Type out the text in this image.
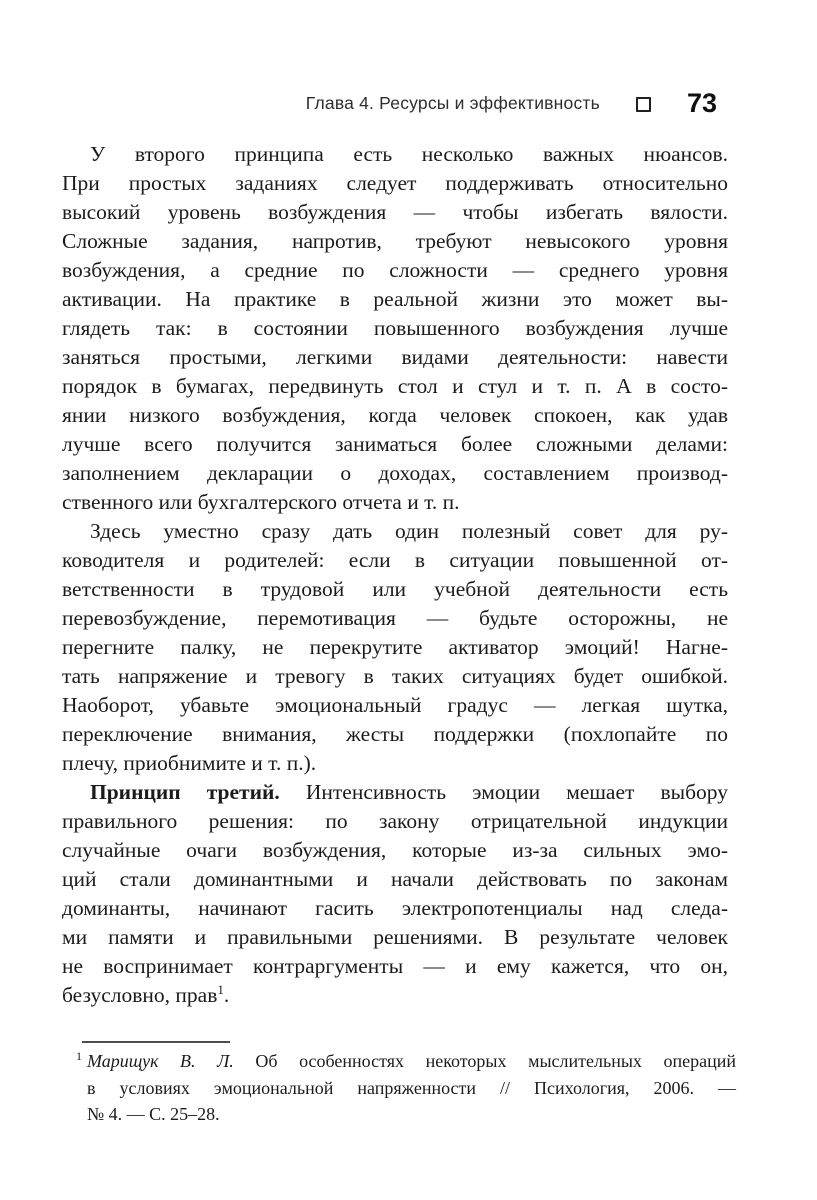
Глава 4. Ресурсы и эффективность	73
У второго принципа есть несколько важных нюансов.
При простых заданиях следует поддерживать относительно
высокий уровень возбуждения — чтобы избегать вялости.
Сложные задания, напротив, требуют невысокого уровня
возбуждения, а средние по сложности — среднего уровня
активации. На практике в реальной жизни это может вы-
глядеть так: в состоянии повышенного возбуждения лучше
заняться простыми, легкими видами деятельности: навести
порядок в бумагах, передвинуть стол и стул и т. п. А в состо-
янии низкого возбуждения, когда человек спокоен, как удав
лучше всего получится заниматься более сложными делами:
заполнением декларации о доходах, составлением производ-
ственного или бухгалтерского отчета и т. п.
Здесь уместно сразу дать один полезный совет для ру-
ководителя и родителей: если в ситуации повышенной от-
ветственности в трудовой или учебной деятельности есть
перевозбуждение, перемотивация — будьте осторожны, не
перегните палку, не перекрутите активатор эмоций! Нагне-
тать напряжение и тревогу в таких ситуациях будет ошибкой.
Наоборот, убавьте эмоциональный градус — легкая шутка,
переключение внимания, жесты поддержки (похлопайте по
плечу, приобнимите и т. п.).
Принцип третий. Интенсивность эмоции мешает выбору
правильного решения: по закону отрицательной индукции
случайные очаги возбуждения, которые из-за сильных эмо-
ций стали доминантными и начали действовать по законам
доминанты, начинают гасить электропотенциалы над следа-
ми памяти и правильными решениями. В результате человек
не воспринимает контраргументы — и ему кажется, что он,
безусловно, прав$^1$.
$^1$ Марищук В. Л. Об особенностях некоторых мыслительных операций
в условиях эмоциональной напряженности // Психология, 2006. —
№ 4. — С. 25–28.
